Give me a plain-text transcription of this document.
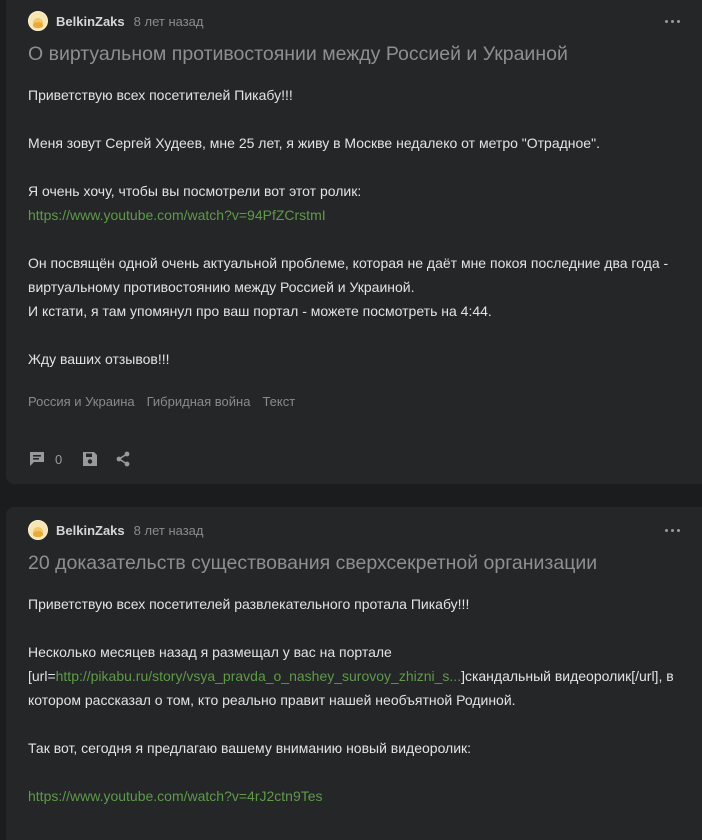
BelkinZaks 8 лет назад
О виртуальном противостоянии между Россией и Украиной

Приветствую всех посетителей Пикабу!!!

Меня зовут Сергей Худеев, мне 25 лет, я живу в Москве недалеко от метро "Отрадное".

Я очень хочу, чтобы вы посмотрели вот этот ролик:

https://www.youtube.com/watch?v=94PfZCrstmI

Он посвящён одной очень актуальной проблеме, которая не даёт мне покоя последние два года -

виртуальному противостоянию между Россией и Украиной.

И кстати, я там упомянул про ваш портал - можете посмотреть на 4:44.

Жду ваших отзывов!!!

Россия и Украина Гибридная война Текст
0
BelkinZaks 8 лет назад
20 доказательств существования сверхсекретной организации

Приветствую всех посетителей развлекательного протала Пикабу!!!

Несколько месяцев назад я размещал у вас на портале

[url=http://pikabu.ru/story/vsya_pravda_o_nashey_surovoy_zhizni_s...]скандальный видеоролик[/url], в

котором рассказал о том, кто реально правит нашей необъятной Родиной.

Так вот, сегодня я предлагаю вашему вниманию новый видеоролик:

https://www.youtube.com/watch?v=4rJ2ctn9Tes
